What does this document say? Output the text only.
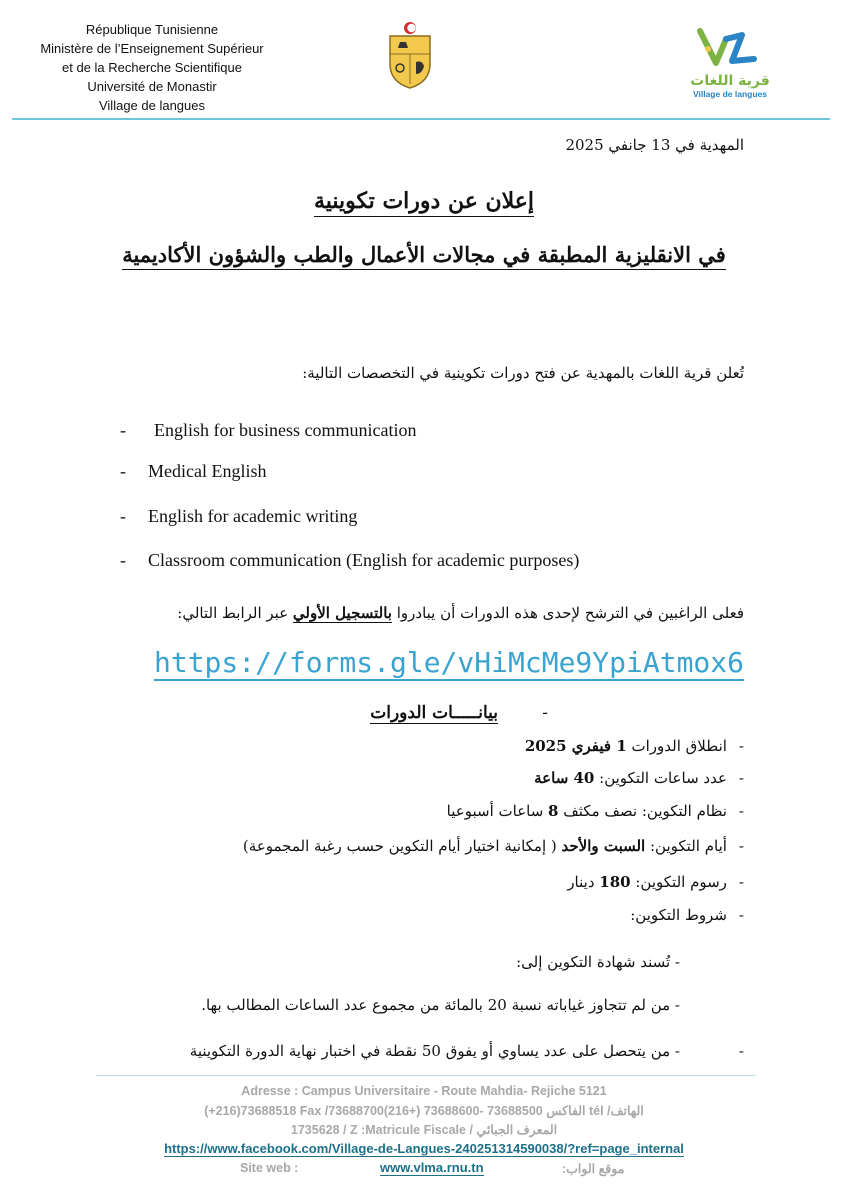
République Tunisienne
Ministère de l’Enseignement Supérieur
et de la Recherche Scientifique
Université de Monastir
Village de langues
قرية اللغات
Village de langues
المهدية في 13 جانفي 2025
إعلان عن دورات تكوينية
في الانقليزية المطبقة في مجالات الأعمال والطب والشؤون الأكاديمية
تُعلن قرية اللغات بالمهدية عن فتح دورات تكوينية في التخصصات التالية:
- English for business communication
- Medical English
- English for academic writing
- Classroom communication (English for academic purposes)
فعلى الراغبين في الترشح لإحدى هذه الدورات أن يبادروا بالتسجيل الأولي عبر الرابط التالي:
https://forms.gle/vHiMcMe9YpiAtmox6
بيانـــــات الدورات	-
-انطلاق الدورات 1 فيفري 2025
-عدد ساعات التكوين: 40 ساعة
-نظام التكوين: نصف مكثف 8 ساعات أسبوعيا
-أيام التكوين: السبت والأحد ( إمكانية اختيار أيام التكوين حسب رغبة المجموعة)
-رسوم التكوين: 180 دينار
-شروط التكوين:
- تُسند شهادة التكوين إلى:
- من لم تتجاوز غياباته نسبة 20 بالمائة من مجموع عدد الساعات المطالب بها.
- من يتحصل على عدد يساوي أو يفوق 50 نقطة في اختبار نهاية الدورة التكوينية	-
Adresse : Campus Universitaire - Route Mahdia- Rejiche 5121
(+216)73688518 Fax /الفاكس 73688500 -73688600 (+216)73688700 tél /الهاتف
1735628 / Z :Matricule Fiscale / المعرف الجبائي
https://www.facebook.com/Village-de-Langues-240251314590038/?ref=page_internal
Site web :	www.vlma.rnu.tn	موقع الواب:
